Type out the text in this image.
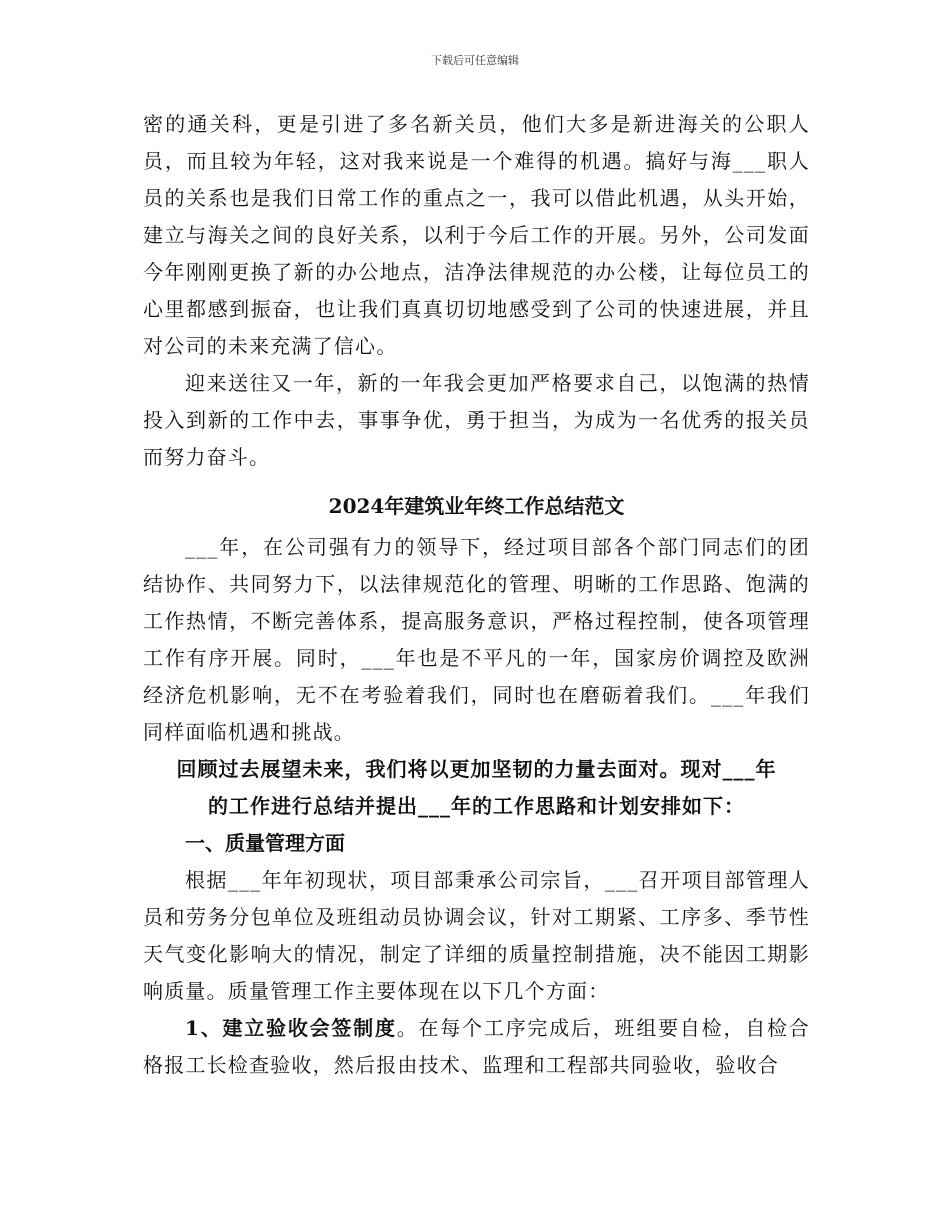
下载后可任意编辑

密的通关科，更是引进了多名新关员，他们大多是新进海关的公职人员，而且较为年轻，这对我来说是一个难得的机遇。搞好与海___职人员的关系也是我们日常工作的重点之一，我可以借此机遇，从头开始，建立与海关之间的良好关系，以利于今后工作的开展。另外，公司发面今年刚刚更换了新的办公地点，洁净法律规范的办公楼，让每位员工的心里都感到振奋，也让我们真真切切地感受到了公司的快速进展，并且对公司的未来充满了信心。

迎来送往又一年，新的一年我会更加严格要求自己，以饱满的热情投入到新的工作中去，事事争优，勇于担当，为成为一名优秀的报关员而努力奋斗。

2024年建筑业年终工作总结范文

___年，在公司强有力的领导下，经过项目部各个部门同志们的团结协作、共同努力下，以法律规范化的管理、明晰的工作思路、饱满的工作热情，不断完善体系，提高服务意识，严格过程控制，使各项管理工作有序开展。同时，___年也是不平凡的一年，国家房价调控及欧洲经济危机影响，无不在考验着我们，同时也在磨砺着我们。___年我们同样面临机遇和挑战。

回顾过去展望未来，我们将以更加坚韧的力量去面对。现对___年

的工作进行总结并提出___年的工作思路和计划安排如下：

一、质量管理方面

根据___年年初现状，项目部秉承公司宗旨，___召开项目部管理人员和劳务分包单位及班组动员协调会议，针对工期紧、工序多、季节性天气变化影响大的情况，制定了详细的质量控制措施，决不能因工期影响质量。质量管理工作主要体现在以下几个方面：

1、建立验收会签制度。在每个工序完成后，班组要自检，自检合格报工长检查验收，然后报由技术、监理和工程部共同验收，验收合
